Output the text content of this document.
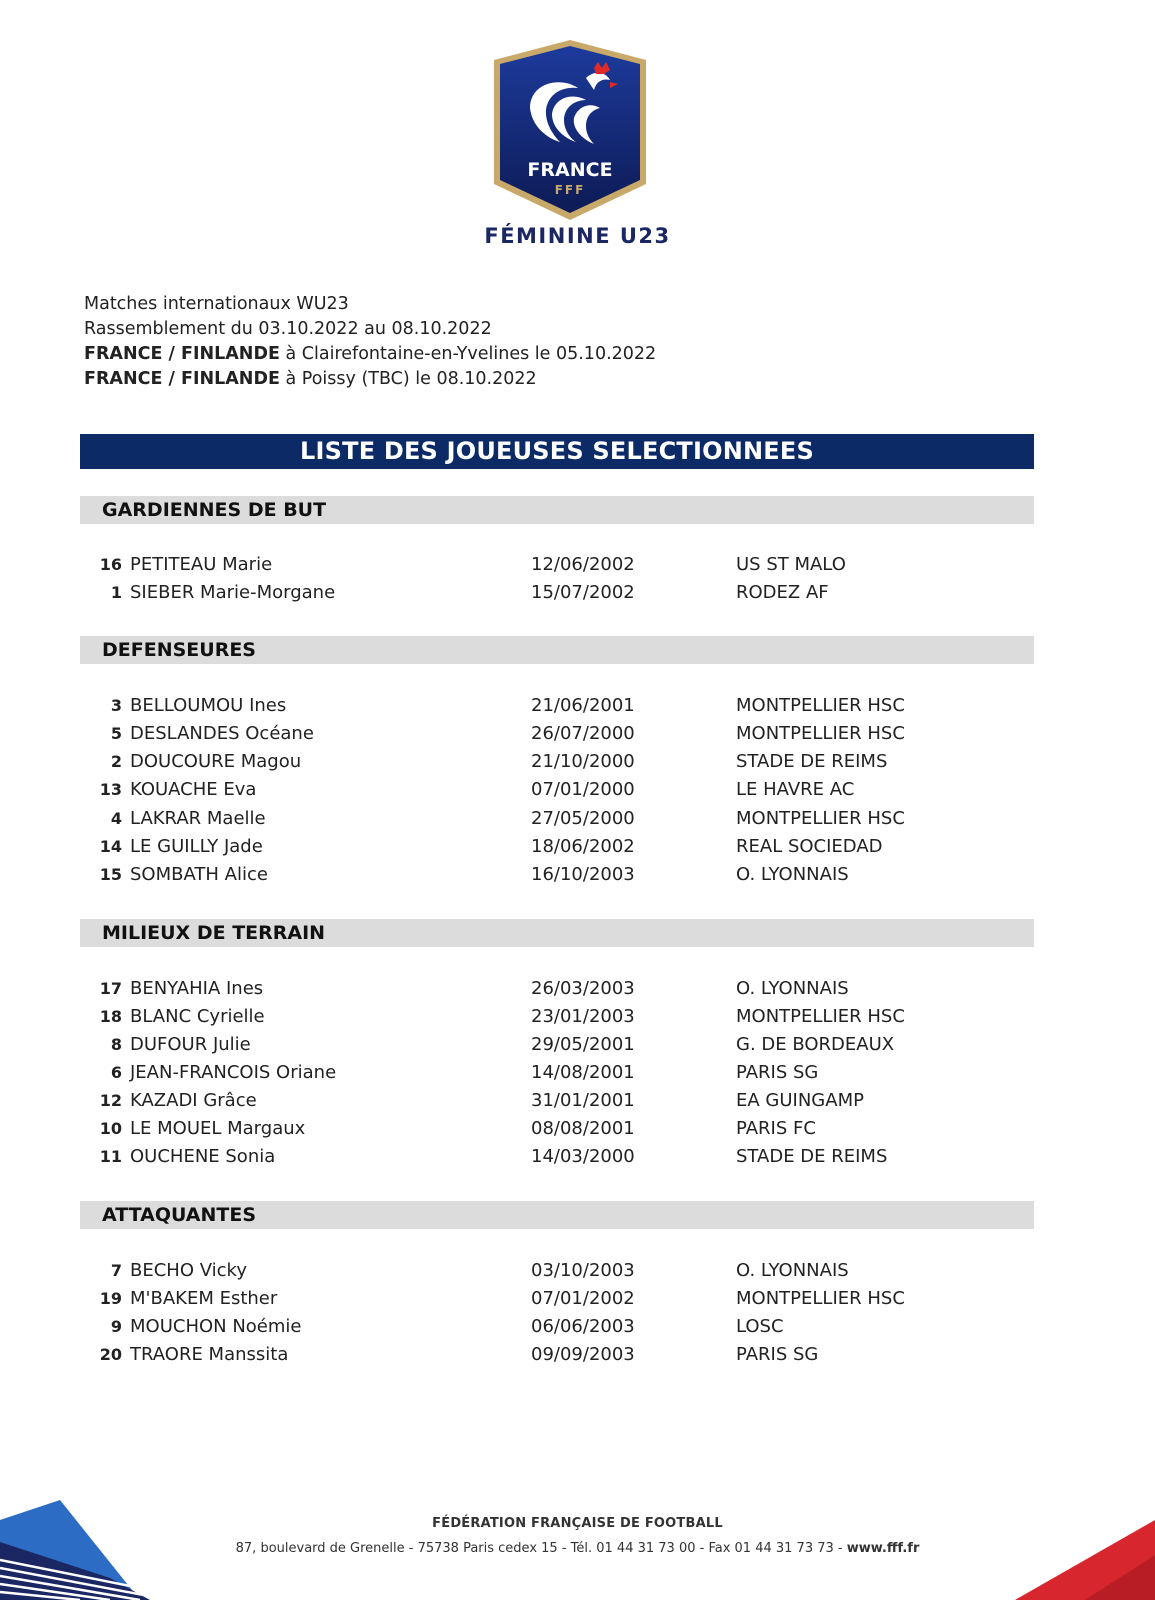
FRANCE
FFF
FÉMININE U23
Matches internationaux WU23
Rassemblement du 03.10.2022 au 08.10.2022
FRANCE / FINLANDE à Clairefontaine-en-Yvelines le 05.10.2022
FRANCE / FINLANDE à Poissy (TBC) le 08.10.2022
LISTE DES JOUEUSES SELECTIONNEES
GARDIENNES DE BUT
16 PETITEAU Marie	12/06/2002	US ST MALO
1 SIEBER Marie-Morgane	15/07/2002	RODEZ AF
DEFENSEURES
3 BELLOUMOU Ines	21/06/2001	MONTPELLIER HSC
5 DESLANDES Océane	26/07/2000	MONTPELLIER HSC
2 DOUCOURE Magou	21/10/2000	STADE DE REIMS
13 KOUACHE Eva	07/01/2000	LE HAVRE AC
4 LAKRAR Maelle	27/05/2000	MONTPELLIER HSC
14 LE GUILLY Jade	18/06/2002	REAL SOCIEDAD
15 SOMBATH Alice	16/10/2003	O. LYONNAIS
MILIEUX DE TERRAIN
17 BENYAHIA Ines	26/03/2003	O. LYONNAIS
18 BLANC Cyrielle	23/01/2003	MONTPELLIER HSC
8 DUFOUR Julie	29/05/2001	G. DE BORDEAUX
6 JEAN-FRANCOIS Oriane	14/08/2001	PARIS SG
12 KAZADI Grâce	31/01/2001	EA GUINGAMP
10 LE MOUEL Margaux	08/08/2001	PARIS FC
11 OUCHENE Sonia	14/03/2000	STADE DE REIMS
ATTAQUANTES
7 BECHO Vicky	03/10/2003	O. LYONNAIS
19 M'BAKEM Esther	07/01/2002	MONTPELLIER HSC
9 MOUCHON Noémie	06/06/2003	LOSC
20 TRAORE Manssita	09/09/2003	PARIS SG
FÉDÉRATION FRANÇAISE DE FOOTBALL
87, boulevard de Grenelle - 75738 Paris cedex 15 - Tél. 01 44 31 73 00 - Fax 01 44 31 73 73 - www.fff.fr
